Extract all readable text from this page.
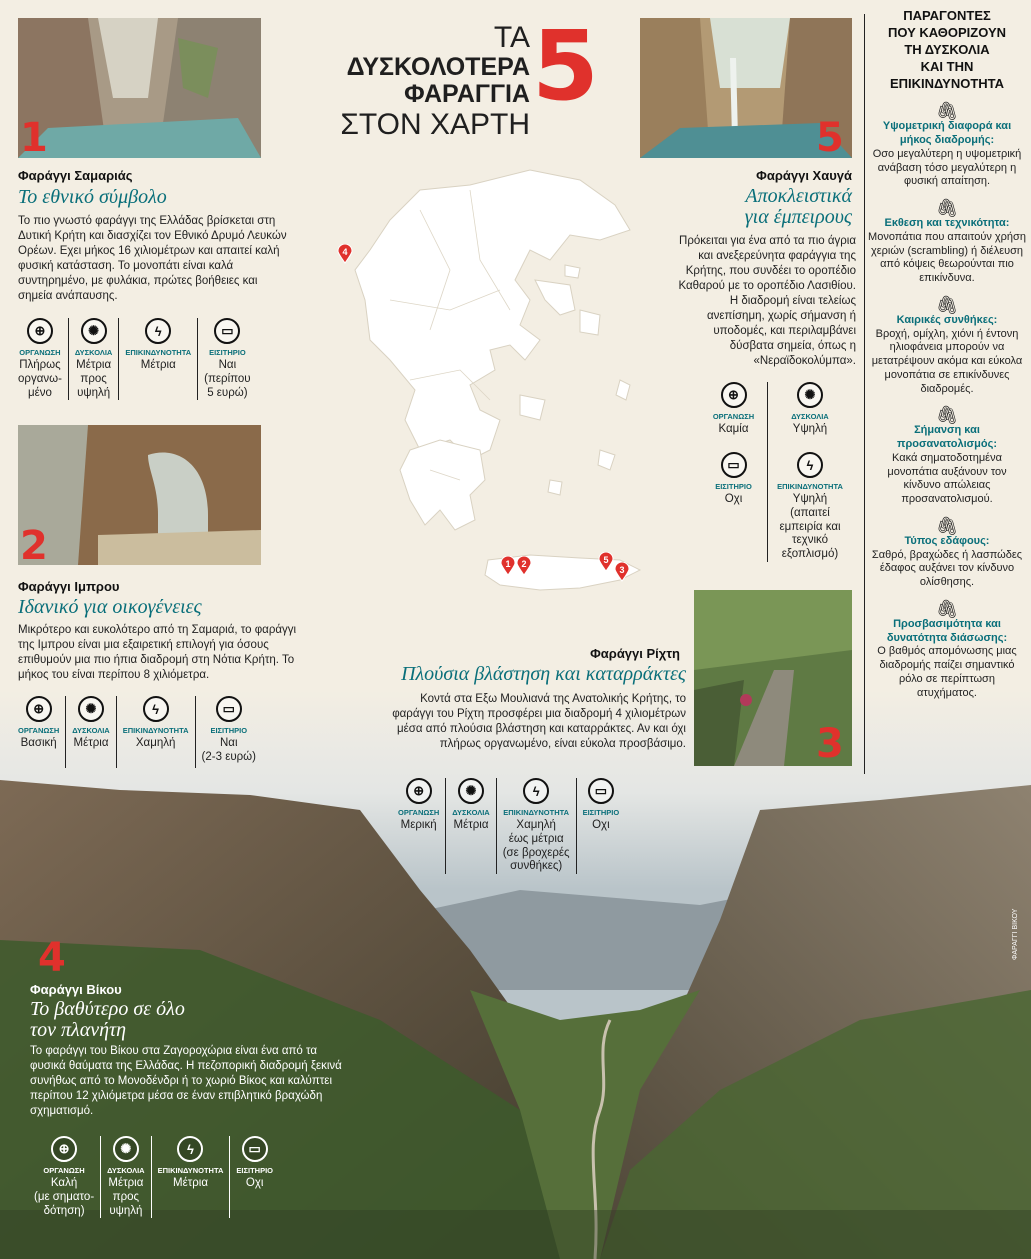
4
1 2	5
3
ΤΑ
ΔΥΣΚΟΛΟΤΕΡΑ
ΦΑΡΑΓΓΙΑ
ΣΤΟΝ ΧΑΡΤΗ
5
1
Φαράγγι Σαμαριάς
Το εθνικό σύμβολο
Το πιο γνωστό φαράγγι της Ελλάδας βρίσκεται στη Δυτική Κρήτη και διασχίζει τον Εθνικό Δρυμό Λευκών Ορέων. Εχει μήκος 16 χιλιομέτρων και απαιτεί καλή φυσική κατάσταση. Το μονοπάτι είναι καλά συντηρημένο, με φυλάκια, πρώτες βοήθειες και σημεία ανάπαυσης.
⊕
ΟΡΓΑΝΩΣΗ
Πλήρως
οργανω-
μένο
✺
ΔΥΣΚΟΛΙΑ
Μέτρια
προς
υψηλή
ϟ
ΕΠΙΚΙΝΔΥΝΟΤΗΤΑ
Μέτρια
▭
ΕΙΣΙΤΗΡΙΟ
Ναι
(περίπου
5 ευρώ)
2
Φαράγγι Ιμπρου
Ιδανικό για οικογένειες
Μικρότερο και ευκολότερο από τη Σαμαριά, το φαράγγι της Ιμπρου είναι μια εξαιρετική επιλογή για όσους επιθυμούν μια πιο ήπια διαδρομή στη Νότια Κρήτη. Το μήκος του είναι περίπου 8 χιλιόμετρα.
⊕
ΟΡΓΑΝΩΣΗ
Βασική
✺
ΔΥΣΚΟΛΙΑ
Μέτρια
ϟ
ΕΠΙΚΙΝΔΥΝΟΤΗΤΑ
Χαμηλή
▭
ΕΙΣΙΤΗΡΙΟ
Ναι
(2-3 ευρώ)
5
Φαράγγι Χαυγά
Αποκλειστικά
για έμπειρους
Πρόκειται για ένα από τα πιο άγρια και ανεξερεύνητα φαράγγια της Κρήτης, που συνδέει το οροπέδιο Καθαρού με το οροπέδιο Λασιθίου. Η διαδρομή είναι τελείως ανεπίσημη, χωρίς σήμανση ή υποδομές, και περιλαμβάνει δύσβατα σημεία, όπως η «Νεραϊδοκολύμπα».
⊕
ΟΡΓΑΝΩΣΗ
Καμία
✺
ΔΥΣΚΟΛΙΑ
Υψηλή
▭
ΕΙΣΙΤΗΡΙΟ
Οχι
ϟ
ΕΠΙΚΙΝΔΥΝΟΤΗΤΑ
Υψηλή
(απαιτεί
εμπειρία και
τεχνικό
εξοπλισμό)
3
Φαράγγι Ρίχτη
Πλούσια βλάστηση και καταρράκτες
Κοντά στα Εξω Μουλιανά της Ανατολικής Κρήτης, το φαράγγι του Ρίχτη προσφέρει μια διαδρομή 4 χιλιομέτρων μέσα από πλούσια βλάστηση και καταρράκτες. Αν και όχι πλήρως οργανωμένο, είναι εύκολα προσβάσιμο.
⊕
ΟΡΓΑΝΩΣΗ
Μερική
✺
ΔΥΣΚΟΛΙΑ
Μέτρια
ϟ
ΕΠΙΚΙΝΔΥΝΟΤΗΤΑ
Χαμηλή
έως μέτρια
(σε βροχερές
συνθήκες)
▭
ΕΙΣΙΤΗΡΙΟ
Οχι
4
Φαράγγι Βίκου
Το βαθύτερο σε όλο
τον πλανήτη
Το φαράγγι του Βίκου στα Ζαγοροχώρια είναι ένα από τα φυσικά θαύματα της Ελλάδας. Η πεζοπορική διαδρομή ξεκινά συνήθως από το Μονοδένδρι ή το χωριό Βίκος και καλύπτει περίπου 12 χιλιόμετρα μέσα σε έναν επιβλητικό βραχώδη σχηματισμό.
⊕
ΟΡΓΑΝΩΣΗ
Καλή
(με σηματο-
δότηση)
✺
ΔΥΣΚΟΛΙΑ
Μέτρια
προς
υψηλή
ϟ
ΕΠΙΚΙΝΔΥΝΟΤΗΤΑ
Μέτρια
▭
ΕΙΣΙΤΗΡΙΟ
Οχι
ΦΑΡΑΓΓΙ ΒΙΚΟΥ
ΠΑΡΑΓΟΝΤΕΣ
ΠΟΥ ΚΑΘΟΡΙΖΟΥΝ
ΤΗ ΔΥΣΚΟΛΙΑ
ΚΑΙ ΤΗΝ
ΕΠΙΚΙΝΔΥΝΟΤΗΤΑ
🖇
Υψομετρική διαφορά και μήκος διαδρομής:
Οσο μεγαλύτερη η υψομετρική ανάβαση τόσο μεγαλύτερη η φυσική απαίτηση.
🖇
Εκθεση και τεχνικότητα:
Μονοπάτια που απαιτούν χρήση χεριών (scrambling) ή διέλευση από κόψεις θεωρούνται πιο επικίνδυνα.
🖇
Καιρικές συνθήκες:
Βροχή, ομίχλη, χιόνι ή έντονη ηλιοφάνεια μπορούν να μετατρέψουν ακόμα και εύκολα μονοπάτια σε επικίνδυνες διαδρομές.
🖇
Σήμανση και προσανατολισμός:
Κακά σηματοδοτημένα μονοπάτια αυξάνουν τον κίνδυνο απώλειας προσανατολισμού.
🖇
Τύπος εδάφους:
Σαθρό, βραχώδες ή λασπώδες έδαφος αυξάνει τον κίνδυνο ολίσθησης.
🖇
Προσβασιμότητα και δυνατότητα διάσωσης:
Ο βαθμός απομόνωσης μιας διαδρομής παίζει σημαντικό ρόλο σε περίπτωση ατυχήματος.
